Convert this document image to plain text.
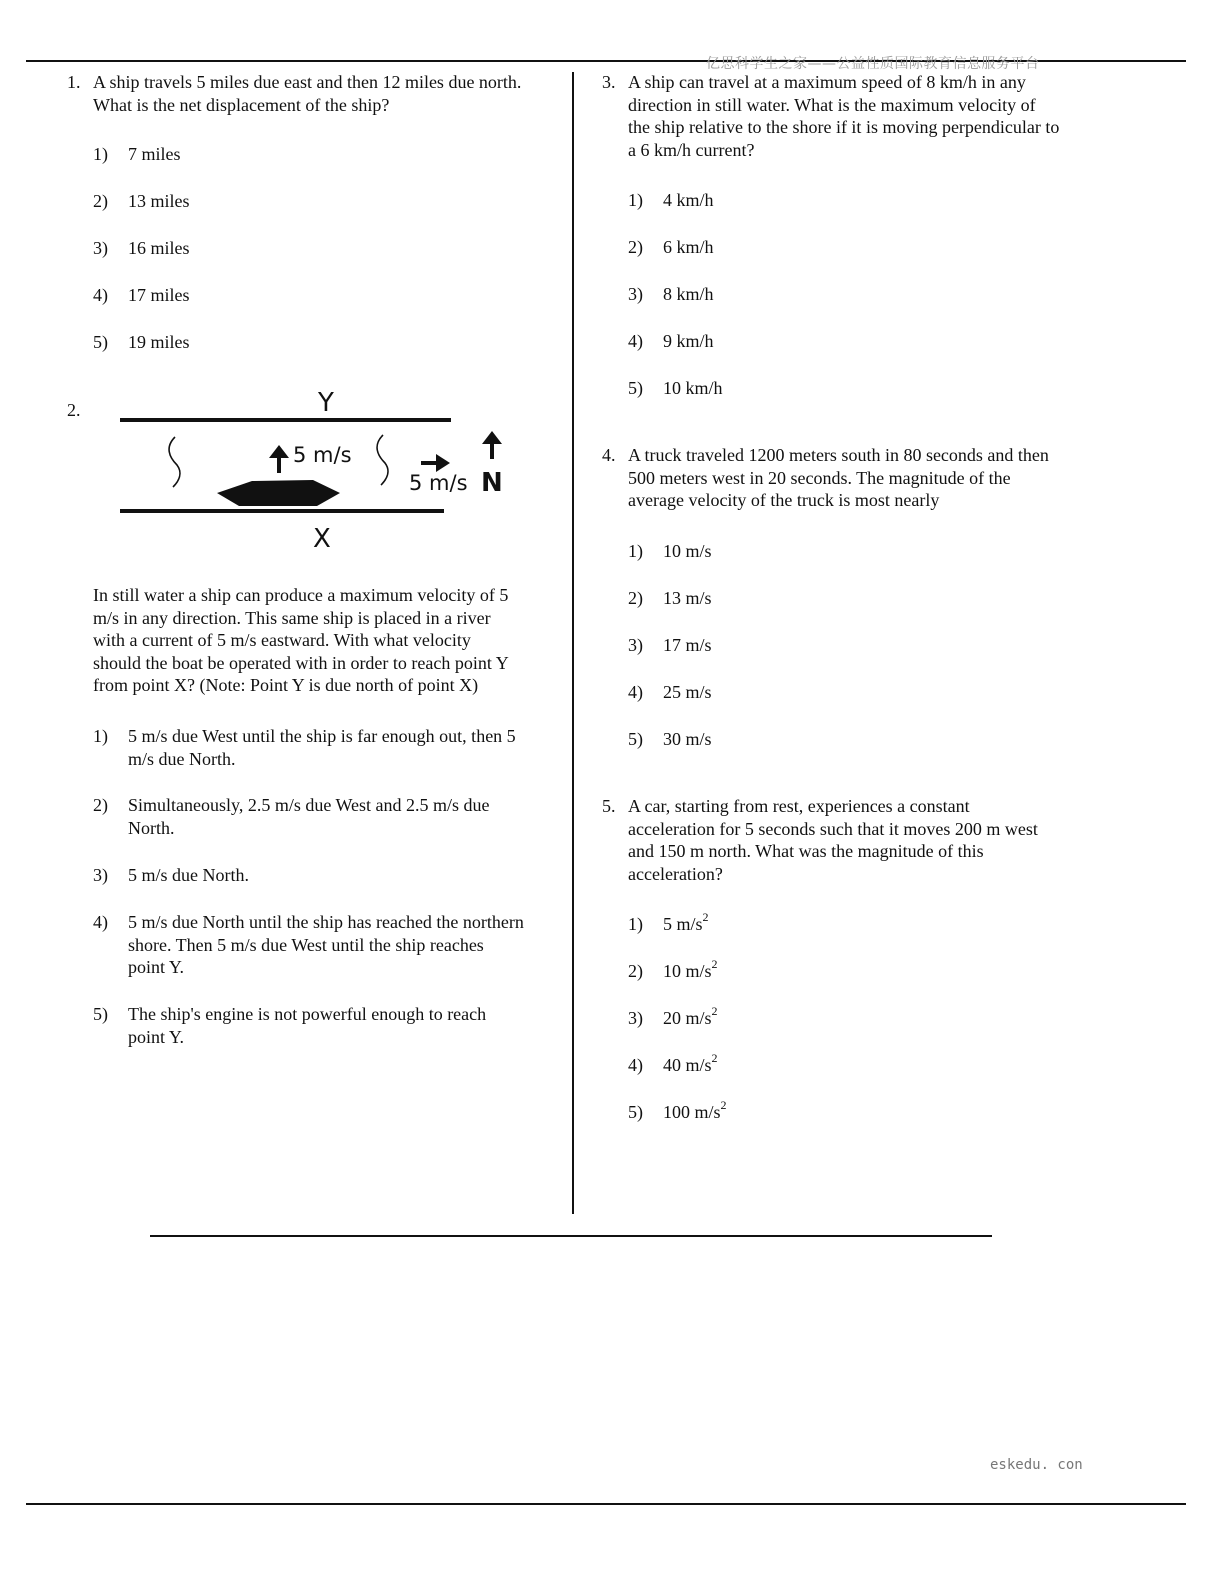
亿思科学生之家——公益性质国际教育信息服务平台
eskedu. con
1. A ship travels 5 miles due east and then 12 miles due north.
What is the net displacement of the ship?
1) 7 miles
2) 13 miles
3) 16 miles
4) 17 miles
5) 19 miles
2.	Y
5 m/s
5 m/s N
X
In still water a ship can produce a maximum velocity of 5
m/s in any direction. This same ship is placed in a river
with a current of 5 m/s eastward. With what velocity
should the boat be operated with in order to reach point Y
from point X? (Note: Point Y is due north of point X)
1) 5 m/s due West until the ship is far enough out, then 5
m/s due North.
2) Simultaneously, 2.5 m/s due West and 2.5 m/s due
North.
3) 5 m/s due North.
4) 5 m/s due North until the ship has reached the northern
shore. Then 5 m/s due West until the ship reaches
point Y.
5) The ship's engine is not powerful enough to reach
point Y.
3. A ship can travel at a maximum speed of 8 km/h in any
direction in still water. What is the maximum velocity of
the ship relative to the shore if it is moving perpendicular to
a 6 km/h current?
1) 4 km/h
2) 6 km/h
3) 8 km/h
4) 9 km/h
5) 10 km/h
4. A truck traveled 1200 meters south in 80 seconds and then
500 meters west in 20 seconds. The magnitude of the
average velocity of the truck is most nearly
1) 10 m/s
2) 13 m/s
3) 17 m/s
4) 25 m/s
5) 30 m/s
5. A car, starting from rest, experiences a constant
acceleration for 5 seconds such that it moves 200 m west
and 150 m north. What was the magnitude of this
acceleration?
1) 5 $m/s^2$
2) 10 $m/s^2$
3) 20 $m/s^2$
4) 40 $m/s^2$
5) 100 $m/s^2$
